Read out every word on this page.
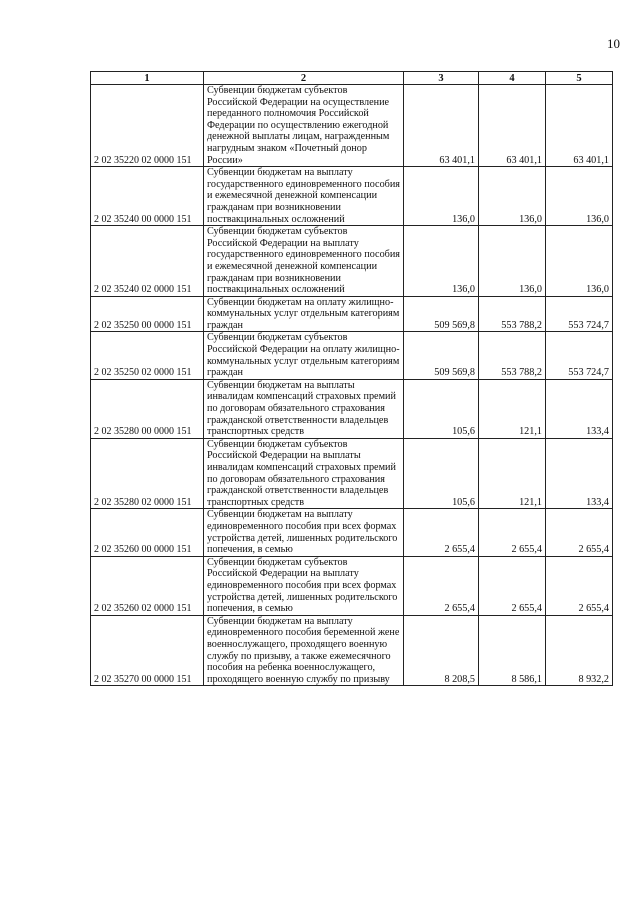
10
1	2	3	4	5
2 02 35220 02 0000 151	Субвенции бюджетам субъектов Российской Федерации на осуществление переданного полномочия Российской Федерации по осуществлению ежегодной денежной выплаты лицам, награжденным нагрудным знаком «Почетный донор России»	63 401,1	63 401,1	63 401,1
2 02 35240 00 0000 151	Субвенции бюджетам на выплату государственного единовременного пособия и ежемесячной денежной компенсации гражданам при возникновении поствакцинальных осложнений	136,0	136,0	136,0
2 02 35240 02 0000 151	Субвенции бюджетам субъектов Российской Федерации на выплату государственного единовременного пособия и ежемесячной денежной компенсации гражданам при возникновении поствакцинальных осложнений	136,0	136,0	136,0
2 02 35250 00 0000 151	Субвенции бюджетам на оплату жилищно-коммунальных услуг отдельным категориям граждан	509 569,8	553 788,2	553 724,7
2 02 35250 02 0000 151	Субвенции бюджетам субъектов Российской Федерации на оплату жилищно-коммунальных услуг отдельным категориям граждан	509 569,8	553 788,2	553 724,7
2 02 35280 00 0000 151	Субвенции бюджетам на выплаты инвалидам компенсаций страховых премий по договорам обязательного страхования гражданской ответственности владельцев транспортных средств	105,6	121,1	133,4
2 02 35280 02 0000 151	Субвенции бюджетам субъектов Российской Федерации на выплаты инвалидам компенсаций страховых премий по договорам обязательного страхования гражданской ответственности владельцев транспортных средств	105,6	121,1	133,4
2 02 35260 00 0000 151	Субвенции бюджетам на выплату единовременного пособия при всех формах устройства детей, лишенных родительского попечения, в семью	2 655,4	2 655,4	2 655,4
2 02 35260 02 0000 151	Субвенции бюджетам субъектов Российской Федерации на выплату единовременного пособия при всех формах устройства детей, лишенных родительского попечения, в семью	2 655,4	2 655,4	2 655,4
2 02 35270 00 0000 151	Субвенции бюджетам на выплату единовременного пособия беременной жене военнослужащего, проходящего военную службу по призыву, а также ежемесячного пособия на ребенка военнослужащего, проходящего военную службу по призыву	8 208,5	8 586,1	8 932,2
